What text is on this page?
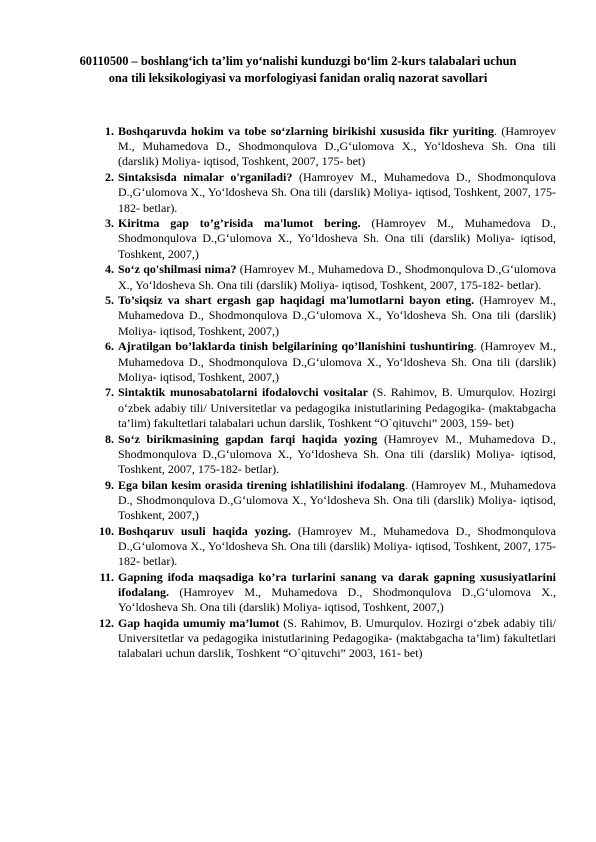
60110500 – boshlang‘ich ta’lim yo‘nalishi kunduzgi bo‘lim 2-kurs talabalari uchun ona tili leksikologiyasi va morfologiyasi fanidan oraliq nazorat savollari
1. Boshqaruvda hokim va tobe so‘zlarning birikishi xususida fikr yuriting. (Hamroyev M., Muhamedova D., Shodmonqulova D.,G‘ulomova X., Yo‘ldosheva Sh. Ona tili (darslik) Moliya- iqtisod, Toshkent, 2007, 175- bet)
2. Sintaksisda nimalar o'rganiladi? (Hamroyev M., Muhamedova D., Shodmonqulova D.,G‘ulomova X., Yo‘ldosheva Sh. Ona tili (darslik) Moliya- iqtisod, Toshkent, 2007, 175-182- betlar).
3. Kiritma gap to’g’risida ma'lumot bering. (Hamroyev M., Muhamedova D., Shodmonqulova D.,G‘ulomova X., Yo‘ldosheva Sh. Ona tili (darslik) Moliya- iqtisod, Toshkent, 2007,)
4. So‘z qo'shilmasi nima? (Hamroyev M., Muhamedova D., Shodmonqulova D.,G‘ulomova X., Yo‘ldosheva Sh. Ona tili (darslik) Moliya- iqtisod, Toshkent, 2007, 175-182- betlar).
5. To’siqsiz va shart ergash gap haqidagi ma'lumotlarni bayon eting. (Hamroyev M., Muhamedova D., Shodmonqulova D.,G‘ulomova X., Yo‘ldosheva Sh. Ona tili (darslik) Moliya- iqtisod, Toshkent, 2007,)
6. Ajratilgan bo’laklarda tinish belgilarining qo’llanishini tushuntiring. (Hamroyev M., Muhamedova D., Shodmonqulova D.,G‘ulomova X., Yo‘ldosheva Sh. Ona tili (darslik) Moliya- iqtisod, Toshkent, 2007,)
7. Sintaktik munosabatolarni ifodalovchi vositalar (S. Rahimov, B. Umurqulov. Hozirgi o‘zbek adabiy tili/ Universitetlar va pedagogika inistutlarining Pedagogika- (maktabgacha ta’lim) fakultetlari talabalari uchun darslik, Toshkent “O`qituvchi” 2003, 159- bet)
8. So‘z birikmasining gapdan farqi haqida yozing (Hamroyev M., Muhamedova D., Shodmonqulova D.,G‘ulomova X., Yo‘ldosheva Sh. Ona tili (darslik) Moliya- iqtisod, Toshkent, 2007, 175-182- betlar).
9. Ega bilan kesim orasida tirening ishlatilishini ifodalang. (Hamroyev M., Muhamedova D., Shodmonqulova D.,G‘ulomova X., Yo‘ldosheva Sh. Ona tili (darslik) Moliya- iqtisod, Toshkent, 2007,)
10. Boshqaruv usuli haqida yozing. (Hamroyev M., Muhamedova D., Shodmonqulova D.,G‘ulomova X., Yo‘ldosheva Sh. Ona tili (darslik) Moliya- iqtisod, Toshkent, 2007, 175-182- betlar).
11. Gapning ifoda maqsadiga ko’ra turlarini sanang va darak gapning xususiyatlarini ifodalang. (Hamroyev M., Muhamedova D., Shodmonqulova D.,G‘ulomova X., Yo‘ldosheva Sh. Ona tili (darslik) Moliya- iqtisod, Toshkent, 2007,)
12. Gap haqida umumiy ma’lumot (S. Rahimov, B. Umurqulov. Hozirgi o‘zbek adabiy tili/ Universitetlar va pedagogika inistutlarining Pedagogika- (maktabgacha ta’lim) fakultetlari talabalari uchun darslik, Toshkent “O`qituvchi” 2003, 161- bet)
